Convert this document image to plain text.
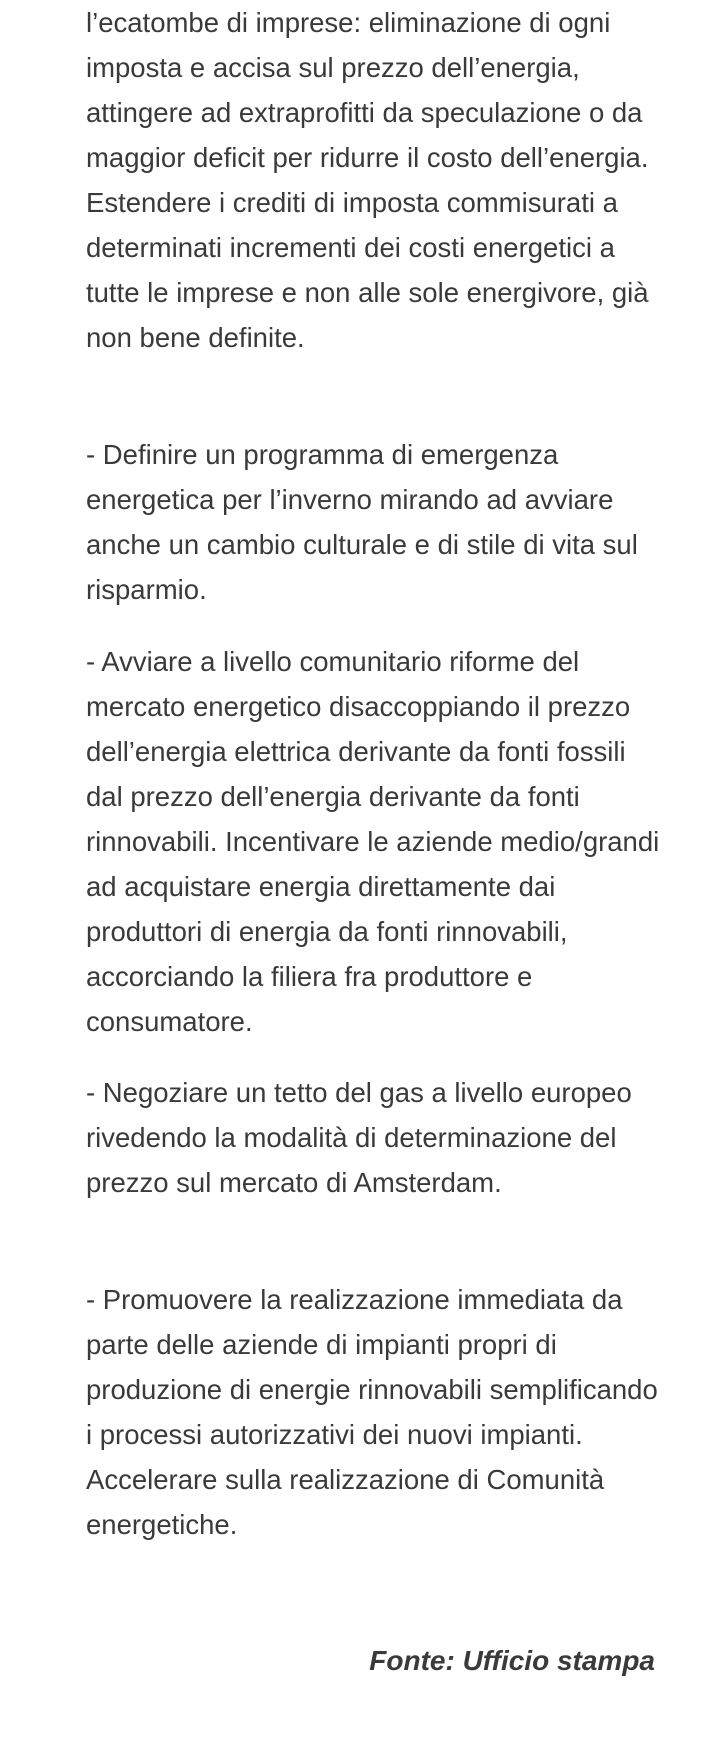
l’ecatombe di imprese: eliminazione di ogni imposta e accisa sul prezzo dell’energia, attingere ad extraprofitti da speculazione o da maggior deficit per ridurre il costo dell’energia. Estendere i crediti di imposta commisurati a determinati incrementi dei costi energetici a tutte le imprese e non alle sole energivore, già non bene definite.

- Definire un programma di emergenza energetica per l’inverno mirando ad avviare anche un cambio culturale e di stile di vita sul risparmio.

- Avviare a livello comunitario riforme del mercato energetico disaccoppiando il prezzo dell’energia elettrica derivante da fonti fossili dal prezzo dell’energia derivante da fonti rinnovabili. Incentivare le aziende medio/grandi ad acquistare energia direttamente dai produttori di energia da fonti rinnovabili, accorciando la filiera fra produttore e consumatore.

- Negoziare un tetto del gas a livello europeo rivedendo la modalità di determinazione del prezzo sul mercato di Amsterdam.

- Promuovere la realizzazione immediata da parte delle aziende di impianti propri di produzione di energie rinnovabili semplificando i processi autorizzativi dei nuovi impianti. Accelerare sulla realizzazione di Comunità energetiche.

Fonte: Ufficio stampa
